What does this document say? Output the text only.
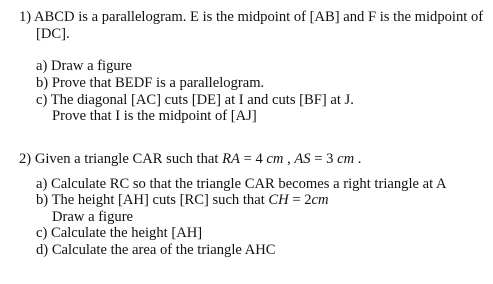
1) ABCD is a parallelogram. E is the midpoint of [AB] and F is the midpoint of
[DC].
a) Draw a figure
b) Prove that BEDF is a parallelogram.
c) The diagonal [AC] cuts [DE] at I and cuts [BF] at J.
Prove that I is the midpoint of [AJ]
2) Given a triangle CAR such that RA = 4 cm , AS = 3 cm .
a) Calculate RC so that the triangle CAR becomes a right triangle at A
b) The height [AH] cuts [RC] such that CH = 2cm
Draw a figure
c) Calculate the height [AH]
d) Calculate the area of the triangle AHC
